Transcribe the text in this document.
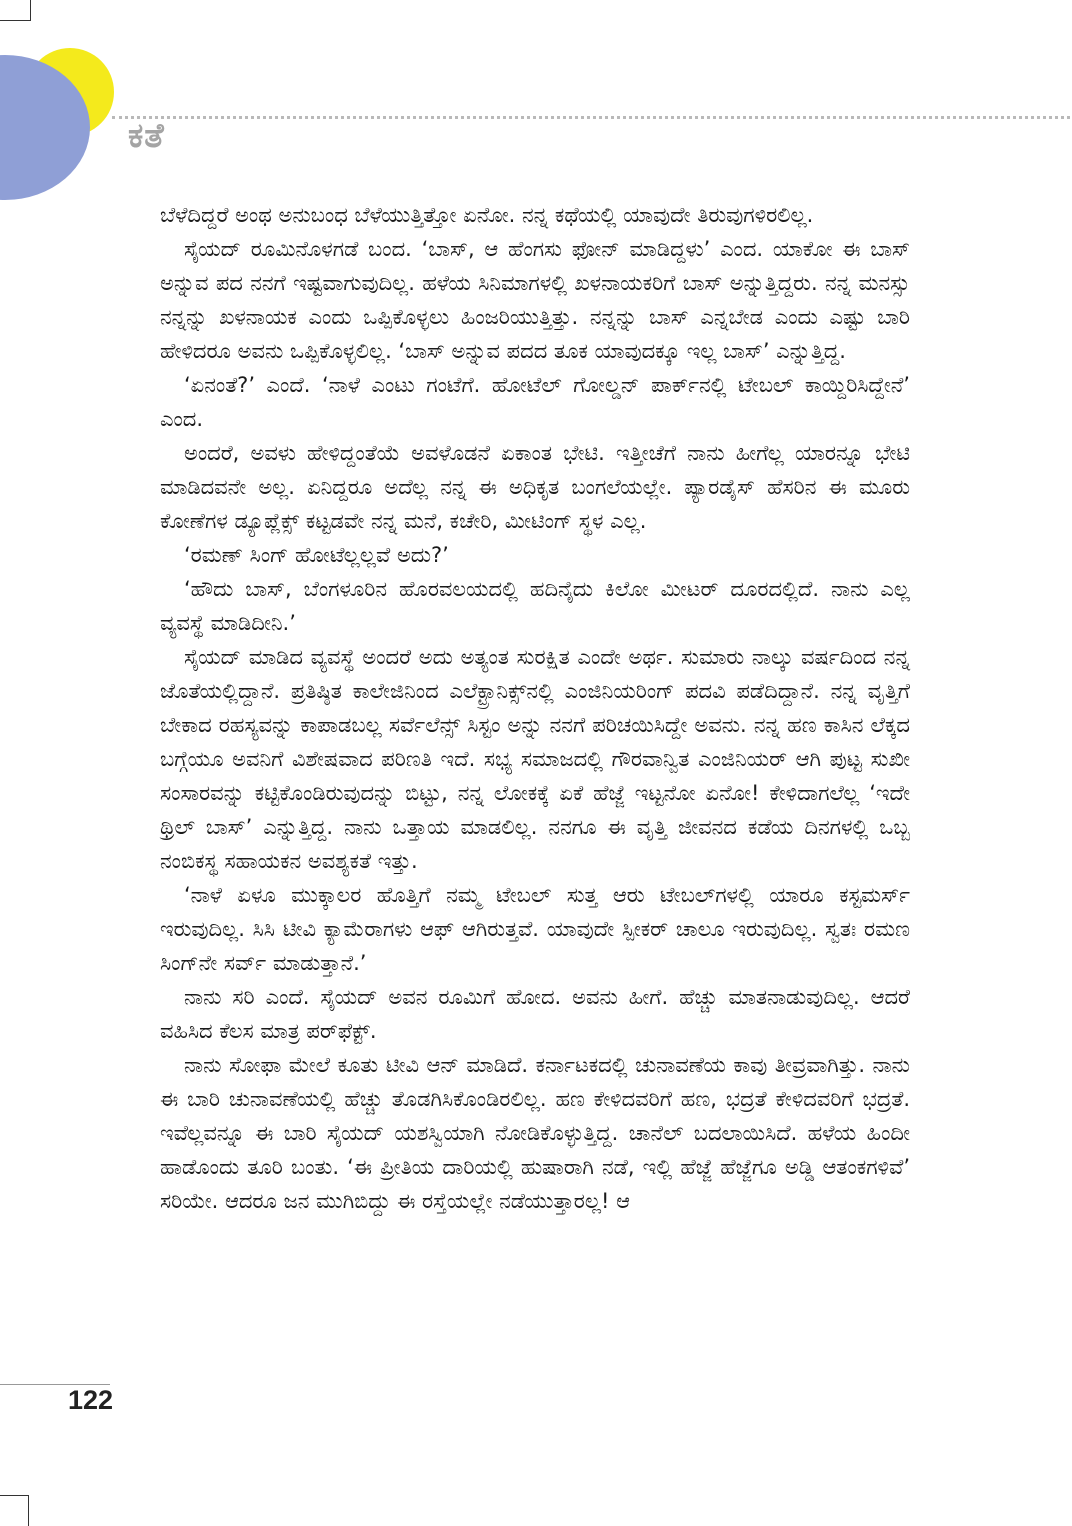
ಕತೆ

ಬೆಳೆದಿದ್ದರೆ ಅಂಥ ಅನುಬಂಧ ಬೆಳೆಯುತ್ತಿತ್ತೋ ಏನೋ. ನನ್ನ ಕಥೆಯಲ್ಲಿ ಯಾವುದೇ ತಿರುವುಗಳಿರಲಿಲ್ಲ.

ಸೈಯದ್ ರೂಮಿನೊಳಗಡೆ ಬಂದ. ‘ಬಾಸ್, ಆ ಹೆಂಗಸು ಫೋನ್ ಮಾಡಿದ್ದಳು’ ಎಂದ. ಯಾಕೋ ಈ ಬಾಸ್ ಅನ್ನುವ ಪದ ನನಗೆ ಇಷ್ಟವಾಗುವುದಿಲ್ಲ. ಹಳೆಯ ಸಿನಿಮಾಗಳಲ್ಲಿ ಖಳನಾಯಕರಿಗೆ ಬಾಸ್ ಅನ್ನುತ್ತಿದ್ದರು. ನನ್ನ ಮನಸ್ಸು ನನ್ನನ್ನು ಖಳನಾಯಕ ಎಂದು ಒಪ್ಪಿಕೊಳ್ಳಲು ಹಿಂಜರಿಯುತ್ತಿತ್ತು. ನನ್ನನ್ನು ಬಾಸ್ ಎನ್ನಬೇಡ ಎಂದು ಎಷ್ಟು ಬಾರಿ ಹೇಳಿದರೂ ಅವನು ಒಪ್ಪಿಕೊಳ್ಳಲಿಲ್ಲ. ‘ಬಾಸ್ ಅನ್ನುವ ಪದದ ತೂಕ ಯಾವುದಕ್ಕೂ ಇಲ್ಲ ಬಾಸ್’ ಎನ್ನುತ್ತಿದ್ದ.

‘ಏನಂತೆ?’ ಎಂದೆ. ‘ನಾಳೆ ಎಂಟು ಗಂಟೆಗೆ. ಹೋಟೆಲ್ ಗೋಲ್ಡನ್ ಪಾರ್ಕ್‌ನಲ್ಲಿ ಟೇಬಲ್ ಕಾಯ್ದಿರಿಸಿದ್ದೇನೆ’ ಎಂದ.

ಅಂದರೆ, ಅವಳು ಹೇಳಿದ್ದಂತೆಯೆ ಅವಳೊಡನೆ ಏಕಾಂತ ಭೇಟಿ. ಇತ್ತೀಚೆಗೆ ನಾನು ಹೀಗೆಲ್ಲ ಯಾರನ್ನೂ ಭೇಟಿ ಮಾಡಿದವನೇ ಅಲ್ಲ. ಏನಿದ್ದರೂ ಅದೆಲ್ಲ ನನ್ನ ಈ ಅಧಿಕೃತ ಬಂಗಲೆಯಲ್ಲೇ. ಪ್ಯಾರಡೈಸ್ ಹೆಸರಿನ ಈ ಮೂರು ಕೋಣೆಗಳ ಡ್ಯೂಪ್ಲೆಕ್ಸ್ ಕಟ್ಟಡವೇ ನನ್ನ ಮನೆ, ಕಚೇರಿ, ಮೀಟಿಂಗ್ ಸ್ಥಳ ಎಲ್ಲ.

‘ರಮಣ್ ಸಿಂಗ್ ಹೋಟೆಲ್ಲಲ್ಲವೆ ಅದು?’

‘ಹೌದು ಬಾಸ್, ಬೆಂಗಳೂರಿನ ಹೊರವಲಯದಲ್ಲಿ ಹದಿನೈದು ಕಿಲೋ ಮೀಟರ್ ದೂರದಲ್ಲಿದೆ. ನಾನು ಎಲ್ಲ ವ್ಯವಸ್ಥೆ ಮಾಡಿದೀನಿ.’

ಸೈಯದ್ ಮಾಡಿದ ವ್ಯವಸ್ಥೆ ಅಂದರೆ ಅದು ಅತ್ಯಂತ ಸುರಕ್ಷಿತ ಎಂದೇ ಅರ್ಥ. ಸುಮಾರು ನಾಲ್ಕು ವರ್ಷದಿಂದ ನನ್ನ ಜೊತೆಯಲ್ಲಿದ್ದಾನೆ. ಪ್ರತಿಷ್ಠಿತ ಕಾಲೇಜಿನಿಂದ ಎಲೆಕ್ಟ್ರಾನಿಕ್ಸ್‌ನಲ್ಲಿ ಎಂಜಿನಿಯರಿಂಗ್ ಪದವಿ ಪಡೆದಿದ್ದಾನೆ. ನನ್ನ ವೃತ್ತಿಗೆ ಬೇಕಾದ ರಹಸ್ಯವನ್ನು ಕಾಪಾಡಬಲ್ಲ ಸರ್ವೆಲೆನ್ಸ್ ಸಿಸ್ಟಂ ಅನ್ನು ನನಗೆ ಪರಿಚಯಿಸಿದ್ದೇ ಅವನು. ನನ್ನ ಹಣ ಕಾಸಿನ ಲೆಕ್ಕದ ಬಗ್ಗೆಯೂ ಅವನಿಗೆ ವಿಶೇಷವಾದ ಪರಿಣತಿ ಇದೆ. ಸಭ್ಯ ಸಮಾಜದಲ್ಲಿ ಗೌರವಾನ್ವಿತ ಎಂಜಿನಿಯರ್ ಆಗಿ ಪುಟ್ಟ ಸುಖೀ ಸಂಸಾರವನ್ನು ಕಟ್ಟಿಕೊಂಡಿರುವುದನ್ನು ಬಿಟ್ಟು, ನನ್ನ ಲೋಕಕ್ಕೆ ಏಕೆ ಹೆಜ್ಜೆ ಇಟ್ಟನೋ ಏನೋ! ಕೇಳಿದಾಗಲೆಲ್ಲ ‘ಇದೇ ಥ್ರಿಲ್ ಬಾಸ್’ ಎನ್ನುತ್ತಿದ್ದ. ನಾನು ಒತ್ತಾಯ ಮಾಡಲಿಲ್ಲ. ನನಗೂ ಈ ವೃತ್ತಿ ಜೀವನದ ಕಡೆಯ ದಿನಗಳಲ್ಲಿ ಒಬ್ಬ ನಂಬಿಕಸ್ಥ ಸಹಾಯಕನ ಅವಶ್ಯಕತೆ ಇತ್ತು.

‘ನಾಳೆ ಏಳೂ ಮುಕ್ಕಾಲರ ಹೊತ್ತಿಗೆ ನಮ್ಮ ಟೇಬಲ್ ಸುತ್ತ ಆರು ಟೇಬಲ್‌ಗಳಲ್ಲಿ ಯಾರೂ ಕಸ್ಟಮರ್ಸ್ ಇರುವುದಿಲ್ಲ. ಸಿಸಿ ಟೀವಿ ಕ್ಯಾಮೆರಾಗಳು ಆಫ್ ಆಗಿರುತ್ತವೆ. ಯಾವುದೇ ಸ್ಪೀಕರ್ ಚಾಲೂ ಇರುವುದಿಲ್ಲ. ಸ್ವತಃ ರಮಣ ಸಿಂಗ್‌ನೇ ಸರ್ವ್ ಮಾಡುತ್ತಾನೆ.’

ನಾನು ಸರಿ ಎಂದೆ. ಸೈಯದ್ ಅವನ ರೂಮಿಗೆ ಹೋದ. ಅವನು ಹೀಗೆ. ಹೆಚ್ಚು ಮಾತನಾಡುವುದಿಲ್ಲ. ಆದರೆ ವಹಿಸಿದ ಕೆಲಸ ಮಾತ್ರ ಪರ್‌ಫೆಕ್ಟ್.

ನಾನು ಸೋಫಾ ಮೇಲೆ ಕೂತು ಟೀವಿ ಆನ್ ಮಾಡಿದೆ. ಕರ್ನಾಟಕದಲ್ಲಿ ಚುನಾವಣೆಯ ಕಾವು ತೀವ್ರವಾಗಿತ್ತು. ನಾನು ಈ ಬಾರಿ ಚುನಾವಣೆಯಲ್ಲಿ ಹೆಚ್ಚು ತೊಡಗಿಸಿಕೊಂಡಿರಲಿಲ್ಲ. ಹಣ ಕೇಳಿದವರಿಗೆ ಹಣ, ಭದ್ರತೆ ಕೇಳಿದವರಿಗೆ ಭದ್ರತೆ. ಇವೆಲ್ಲವನ್ನೂ ಈ ಬಾರಿ ಸೈಯದ್ ಯಶಸ್ವಿಯಾಗಿ ನೋಡಿಕೊಳ್ಳುತ್ತಿದ್ದ. ಚಾನೆಲ್ ಬದಲಾಯಿಸಿದೆ. ಹಳೆಯ ಹಿಂದೀ ಹಾಡೊಂದು ತೂರಿ ಬಂತು. ‘ಈ ಪ್ರೀತಿಯ ದಾರಿಯಲ್ಲಿ ಹುಷಾರಾಗಿ ನಡೆ, ಇಲ್ಲಿ ಹೆಜ್ಜೆ ಹೆಜ್ಜೆಗೂ ಅಡ್ಡಿ ಆತಂಕಗಳಿವೆ’ ಸರಿಯೇ. ಆದರೂ ಜನ ಮುಗಿಬಿದ್ದು ಈ ರಸ್ತೆಯಲ್ಲೇ ನಡೆಯುತ್ತಾರಲ್ಲ! ಆ

122
